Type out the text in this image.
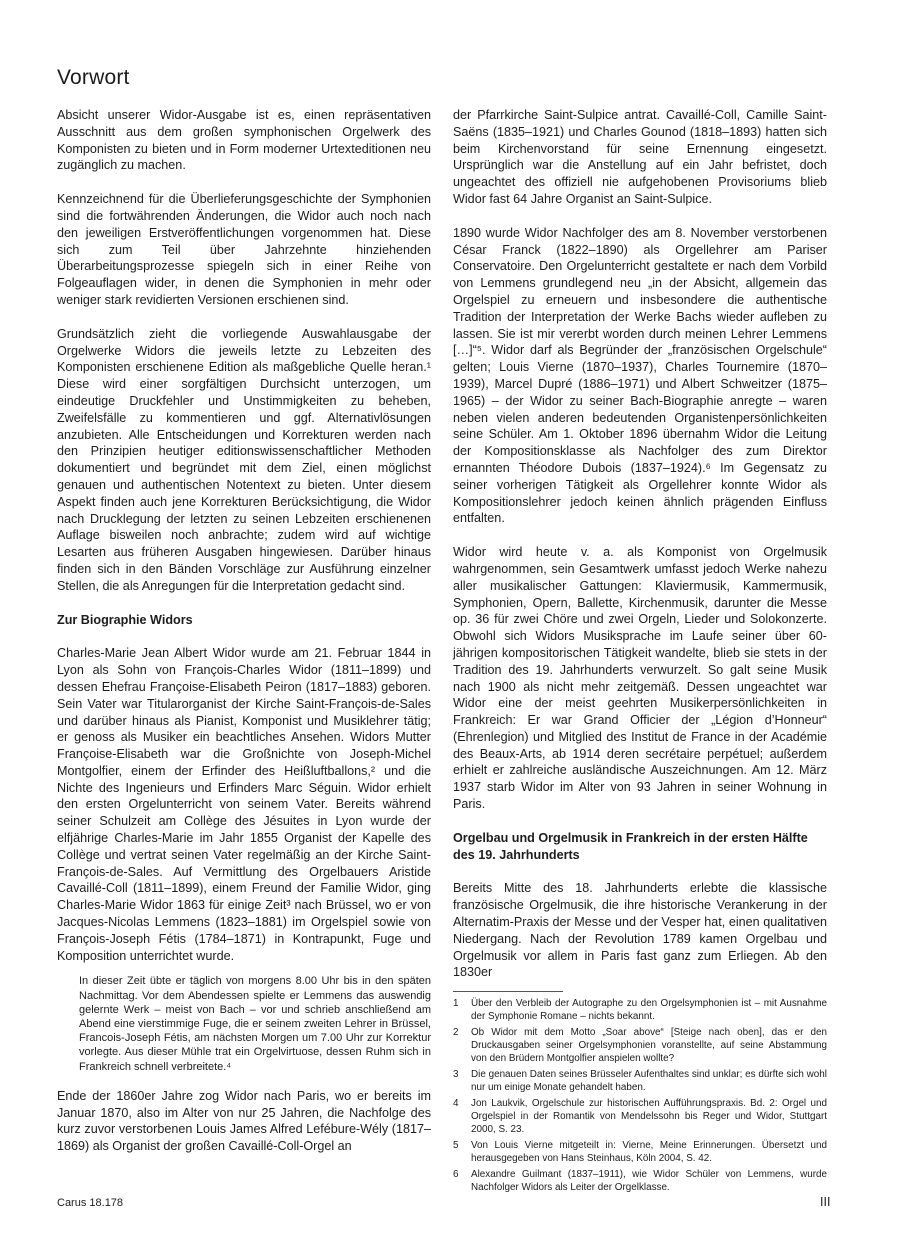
Vorwort

Absicht unserer Widor-Ausgabe ist es, einen repräsentativen Ausschnitt aus dem großen symphonischen Orgelwerk des Komponisten zu bieten und in Form moderner Urtexteditionen neu zugänglich zu machen.

Kennzeichnend für die Überlieferungsgeschichte der Symphonien sind die fortwährenden Änderungen, die Widor auch noch nach den jeweiligen Erstveröffentlichungen vorgenommen hat. Diese sich zum Teil über Jahrzehnte hinziehenden Überarbeitungsprozesse spiegeln sich in einer Reihe von Folgeauflagen wider, in denen die Symphonien in mehr oder weniger stark revidierten Versionen erschienen sind.

Grundsätzlich zieht die vorliegende Auswahlausgabe der Orgelwerke Widors die jeweils letzte zu Lebzeiten des Komponisten erschienene Edition als maßgebliche Quelle heran.¹ Diese wird einer sorgfältigen Durchsicht unterzogen, um eindeutige Druckfehler und Unstimmigkeiten zu beheben, Zweifelsfälle zu kommentieren und ggf. Alternativlösungen anzubieten. Alle Entscheidungen und Korrekturen werden nach den Prinzipien heutiger editionswissenschaftlicher Methoden dokumentiert und begründet mit dem Ziel, einen möglichst genauen und authentischen Notentext zu bieten. Unter diesem Aspekt finden auch jene Korrekturen Berücksichtigung, die Widor nach Drucklegung der letzten zu seinen Lebzeiten erschienenen Auflage bisweilen noch anbrachte; zudem wird auf wichtige Lesarten aus früheren Ausgaben hingewiesen. Darüber hinaus finden sich in den Bänden Vorschläge zur Ausführung einzelner Stellen, die als Anregungen für die Interpretation gedacht sind.

Zur Biographie Widors

Charles-Marie Jean Albert Widor wurde am 21. Februar 1844 in Lyon als Sohn von François-Charles Widor (1811–1899) und dessen Ehefrau Françoise-Elisabeth Peiron (1817–1883) geboren. Sein Vater war Titularorganist der Kirche Saint-François-de-Sales und darüber hinaus als Pianist, Komponist und Musiklehrer tätig; er genoss als Musiker ein beachtliches Ansehen. Widors Mutter Françoise-Elisabeth war die Großnichte von Joseph-Michel Montgolfier, einem der Erfinder des Heißluftballons,² und die Nichte des Ingenieurs und Erfinders Marc Séguin. Widor erhielt den ersten Orgelunterricht von seinem Vater. Bereits während seiner Schulzeit am Collège des Jésuites in Lyon wurde der elfjährige Charles-Marie im Jahr 1855 Organist der Kapelle des Collège und vertrat seinen Vater regelmäßig an der Kirche Saint-François-de-Sales. Auf Vermittlung des Orgelbauers Aristide Cavaillé-Coll (1811–1899), einem Freund der Familie Widor, ging Charles-Marie Widor 1863 für einige Zeit³ nach Brüssel, wo er von Jacques-Nicolas Lemmens (1823–1881) im Orgelspiel sowie von François-Joseph Fétis (1784–1871) in Kontrapunkt, Fuge und Komposition unterrichtet wurde.

In dieser Zeit übte er täglich von morgens 8.00 Uhr bis in den späten Nachmittag. Vor dem Abendessen spielte er Lemmens das auswendig gelernte Werk – meist von Bach – vor und schrieb anschließend am Abend eine vierstimmige Fuge, die er seinem zweiten Lehrer in Brüssel, Francois-Joseph Fétis, am nächsten Morgen um 7.00 Uhr zur Korrektur vorlegte. Aus dieser Mühle trat ein Orgelvirtuose, dessen Ruhm sich in Frankreich schnell verbreitete.⁴

Ende der 1860er Jahre zog Widor nach Paris, wo er bereits im Januar 1870, also im Alter von nur 25 Jahren, die Nachfolge des kurz zuvor verstorbenen Louis James Alfred Lefébure-Wély (1817–1869) als Organist der großen Cavaillé-Coll-Orgel an

der Pfarrkirche Saint-Sulpice antrat. Cavaillé-Coll, Camille Saint-Saëns (1835–1921) und Charles Gounod (1818–1893) hatten sich beim Kirchenvorstand für seine Ernennung eingesetzt. Ursprünglich war die Anstellung auf ein Jahr befristet, doch ungeachtet des offiziell nie aufgehobenen Provisoriums blieb Widor fast 64 Jahre Organist an Saint-Sulpice.

1890 wurde Widor Nachfolger des am 8. November verstorbenen César Franck (1822–1890) als Orgellehrer am Pariser Conservatoire. Den Orgelunterricht gestaltete er nach dem Vorbild von Lemmens grundlegend neu „in der Absicht, allgemein das Orgelspiel zu erneuern und insbesondere die authentische Tradition der Interpretation der Werke Bachs wieder aufleben zu lassen. Sie ist mir vererbt worden durch meinen Lehrer Lemmens […]“⁵. Widor darf als Begründer der „französischen Orgelschule“ gelten; Louis Vierne (1870–1937), Charles Tournemire (1870–1939), Marcel Dupré (1886–1971) und Albert Schweitzer (1875–1965) – der Widor zu seiner Bach-Biographie anregte – waren neben vielen anderen bedeutenden Organistenpersönlichkeiten seine Schüler. Am 1. Oktober 1896 übernahm Widor die Leitung der Kompositionsklasse als Nachfolger des zum Direktor ernannten Théodore Dubois (1837–1924).⁶ Im Gegensatz zu seiner vorherigen Tätigkeit als Orgellehrer konnte Widor als Kompositionslehrer jedoch keinen ähnlich prägenden Einfluss entfalten.

Widor wird heute v. a. als Komponist von Orgelmusik wahrgenommen, sein Gesamtwerk umfasst jedoch Werke nahezu aller musikalischer Gattungen: Klaviermusik, Kammermusik, Symphonien, Opern, Ballette, Kirchenmusik, darunter die Messe op. 36 für zwei Chöre und zwei Orgeln, Lieder und Solokonzerte. Obwohl sich Widors Musiksprache im Laufe seiner über 60-jährigen kompositorischen Tätigkeit wandelte, blieb sie stets in der Tradition des 19. Jahrhunderts verwurzelt. So galt seine Musik nach 1900 als nicht mehr zeitgemäß. Dessen ungeachtet war Widor eine der meist geehrten Musikerpersönlichkeiten in Frankreich: Er war Grand Officier der „Légion d’Honneur“ (Ehrenlegion) und Mitglied des Institut de France in der Académie des Beaux-Arts, ab 1914 deren secrétaire perpétuel; außerdem erhielt er zahlreiche ausländische Auszeichnungen. Am 12. März 1937 starb Widor im Alter von 93 Jahren in seiner Wohnung in Paris.

Orgelbau und Orgelmusik in Frankreich in der ersten Hälfte des 19. Jahrhunderts

Bereits Mitte des 18. Jahrhunderts erlebte die klassische französische Orgelmusik, die ihre historische Verankerung in der Alternatim-Praxis der Messe und der Vesper hat, einen qualitativen Niedergang. Nach der Revolution 1789 kamen Orgelbau und Orgelmusik vor allem in Paris fast ganz zum Erliegen. Ab den 1830er

1	Über den Verbleib der Autographe zu den Orgelsymphonien ist – mit Ausnahme der Symphonie Romane – nichts bekannt.
2	Ob Widor mit dem Motto „Soar above“ [Steige nach oben], das er den Druckausgaben seiner Orgelsymphonien voranstellte, auf seine Abstammung von den Brüdern Montgolfier anspielen wollte?
3	Die genauen Daten seines Brüsseler Aufenthaltes sind unklar; es dürfte sich wohl nur um einige Monate gehandelt haben.
4	Jon Laukvik, Orgelschule zur historischen Aufführungspraxis. Bd. 2: Orgel und Orgelspiel in der Romantik von Mendelssohn bis Reger und Widor, Stuttgart 2000, S. 23.
5	Von Louis Vierne mitgeteilt in: Vierne, Meine Erinnerungen. Übersetzt und herausgegeben von Hans Steinhaus, Köln 2004, S. 42.
6	Alexandre Guilmant (1837–1911), wie Widor Schüler von Lemmens, wurde Nachfolger Widors als Leiter der Orgelklasse.
Carus 18.178	III
